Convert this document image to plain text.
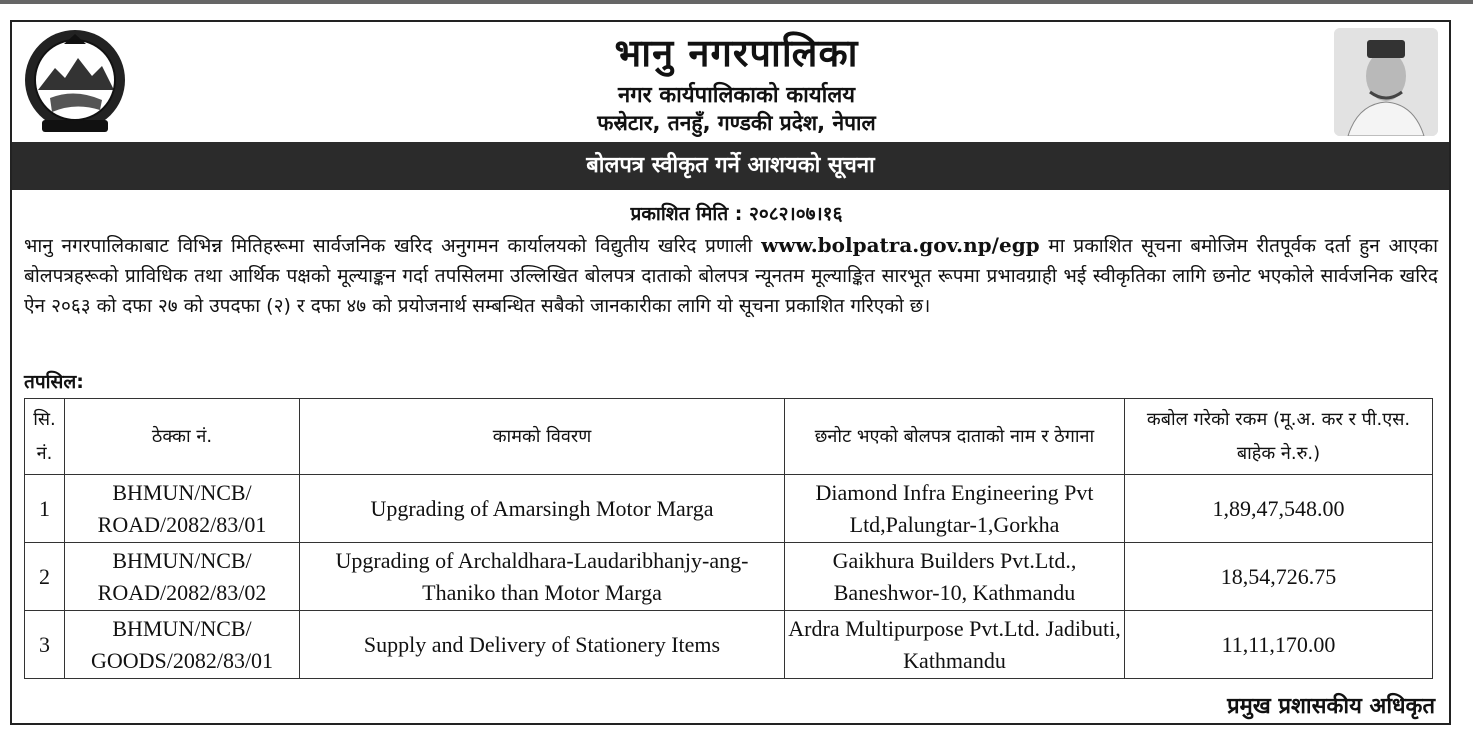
भानु नगरपालिका
नगर कार्यपालिकाको कार्यालय
फस्रेटार, तनहुँ, गण्डकी प्रदेश, नेपाल
बोलपत्र स्वीकृत गर्ने आशयको सूचना
प्रकाशित मिति : २०८२।०७।१६
भानु नगरपालिकाबाट विभिन्न मितिहरूमा सार्वजनिक खरिद अनुगमन कार्यालयको विद्युतीय खरिद प्रणाली www.bolpatra.gov.np/egp मा प्रकाशित सूचना बमोजिम रीतपूर्वक दर्ता हुन आएका बोलपत्रहरूको प्राविधिक तथा आर्थिक पक्षको मूल्याङ्कन गर्दा तपसिलमा उल्लिखित बोलपत्र दाताको बोलपत्र न्यूनतम मूल्याङ्कित सारभूत रूपमा प्रभावग्राही भई स्वीकृतिका लागि छनोट भएकोले सार्वजनिक खरिद ऐन २०६३ को दफा २७ को उपदफा (२) र दफा ४७ को प्रयोजनार्थ सम्बन्धित सबैको जानकारीका लागि यो सूचना प्रकाशित गरिएको छ।
तपसिल:
सि. नं.	ठेक्का नं.	कामको विवरण	छनोट भएको बोलपत्र दाताको नाम र ठेगाना	कबोल गरेको रकम (मू.अ. कर र पी.एस. बाहेक ने.रु.)
1	BHMUN/NCB/ ROAD/2082/83/01	Upgrading of Amarsingh Motor Marga	Diamond Infra Engineering Pvt Ltd,Palungtar-1,Gorkha	1,89,47,548.00
2	BHMUN/NCB/ ROAD/2082/83/02	Upgrading of Archaldhara-Laudaribhanjy-ang-Thaniko than Motor Marga	Gaikhura Builders Pvt.Ltd., Baneshwor-10, Kathmandu	18,54,726.75
3	BHMUN/NCB/ GOODS/2082/83/01	Supply and Delivery of Stationery Items	Ardra Multipurpose Pvt.Ltd. Jadibuti, Kathmandu	11,11,170.00
प्रमुख प्रशासकीय अधिकृत
